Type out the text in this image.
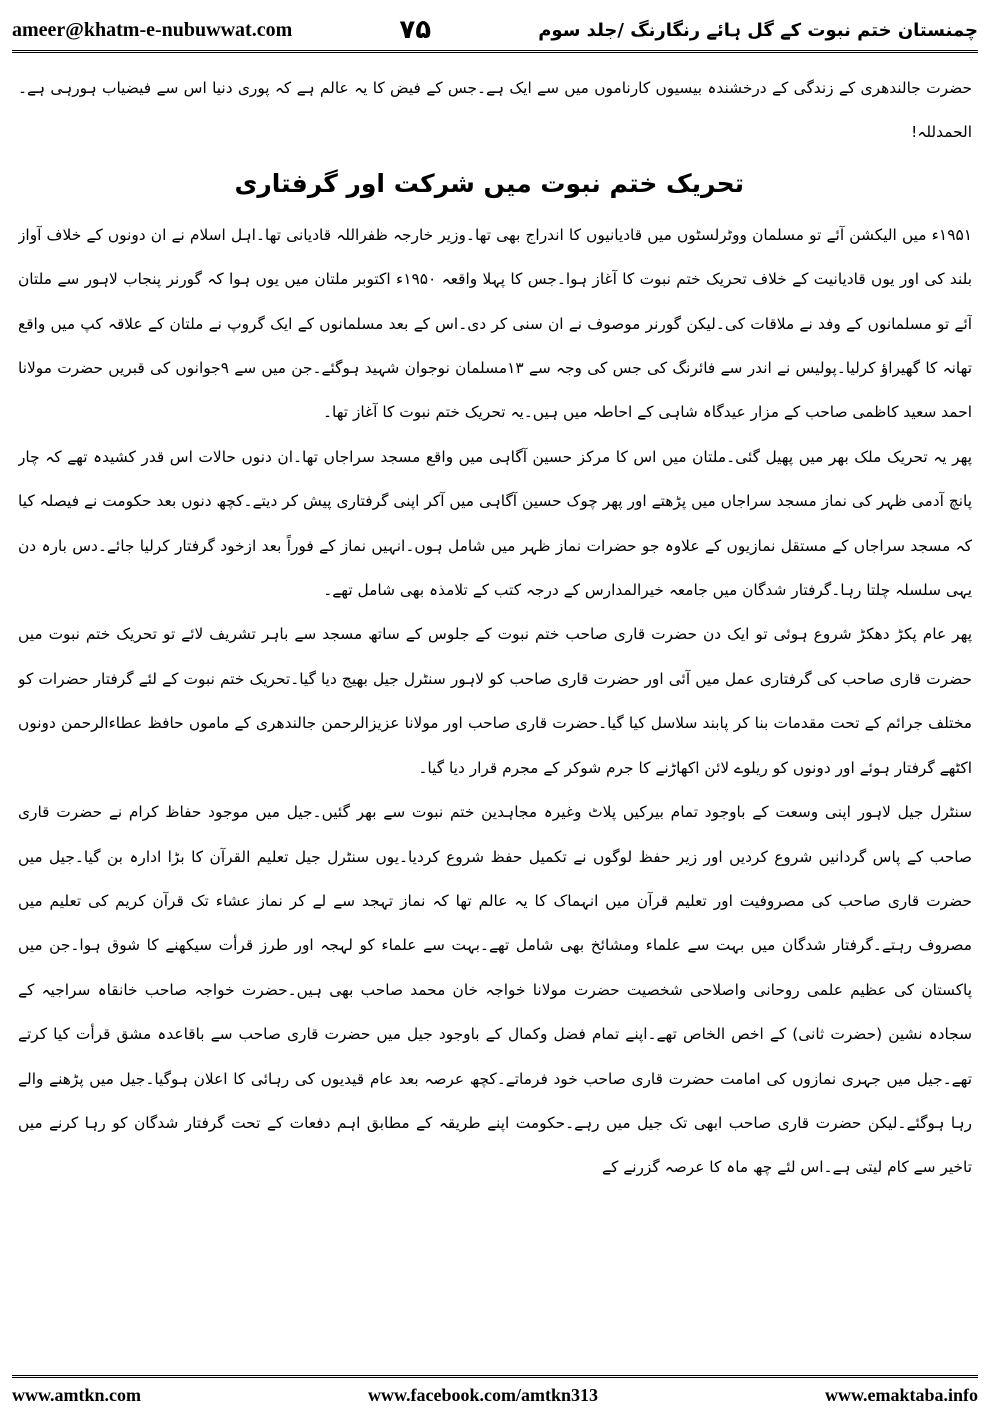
ameer@khatm-e-nubuwwat.com	۷۵	چمنستان ختم نبوت کے گل ہائے رنگارنگ /جلد سوم

حضرت جالندھری کے زندگی کے درخشندہ بیسیوں کارناموں میں سے ایک ہے۔جس کے فیض کا یہ عالم ہے کہ پوری دنیا اس سے فیضیاب ہورہی ہے۔ الحمدللہ!

تحریک ختم نبوت میں شرکت اور گرفتاری

۱۹۵۱ء میں الیکشن آئے تو مسلمان ووٹرلسٹوں میں قادیانیوں کا اندراج بھی تھا۔وزیر خارجہ ظفراللہ قادیانی تھا۔اہل اسلام نے ان دونوں کے خلاف آواز بلند کی اور یوں قادیانیت کے خلاف تحریک ختم نبوت کا آغاز ہوا۔جس کا پہلا واقعہ ۱۹۵۰ء اکتوبر ملتان میں یوں ہوا کہ گورنر پنجاب لاہور سے ملتان آئے تو مسلمانوں کے وفد نے ملاقات کی۔لیکن گورنر موصوف نے ان سنی کر دی۔اس کے بعد مسلمانوں کے ایک گروپ نے ملتان کے علاقہ کپ میں واقع تھانہ کا گھیراؤ کرلیا۔پولیس نے اندر سے فائرنگ کی جس کی وجہ سے ۱۳مسلمان نوجوان شہید ہوگئے۔جن میں سے ۹جوانوں کی قبریں حضرت مولانا احمد سعید کاظمی صاحب کے مزار عیدگاہ شاہی کے احاطہ میں ہیں۔یہ تحریک ختم نبوت کا آغاز تھا۔

پھر یہ تحریک ملک بھر میں پھیل گئی۔ملتان میں اس کا مرکز حسین آگاہی میں واقع مسجد سراجاں تھا۔ان دنوں حالات اس قدر کشیدہ تھے کہ چار پانچ آدمی ظہر کی نماز مسجد سراجاں میں پڑھتے اور پھر چوک حسین آگاہی میں آکر اپنی گرفتاری پیش کر دیتے۔کچھ دنوں بعد حکومت نے فیصلہ کیا کہ مسجد سراجاں کے مستقل نمازیوں کے علاوہ جو حضرات نماز ظہر میں شامل ہوں۔انہیں نماز کے فوراً بعد ازخود گرفتار کرلیا جائے۔دس بارہ دن یہی سلسلہ چلتا رہا۔گرفتار شدگان میں جامعہ خیرالمدارس کے درجہ کتب کے تلامذہ بھی شامل تھے۔

پھر عام پکڑ دھکڑ شروع ہوئی تو ایک دن حضرت قاری صاحب ختم نبوت کے جلوس کے ساتھ مسجد سے باہر تشریف لائے تو تحریک ختم نبوت میں حضرت قاری صاحب کی گرفتاری عمل میں آئی اور حضرت قاری صاحب کو لاہور سنٹرل جیل بھیج دیا گیا۔تحریک ختم نبوت کے لئے گرفتار حضرات کو مختلف جرائم کے تحت مقدمات بنا کر پابند سلاسل کیا گیا۔حضرت قاری صاحب اور مولانا عزیزالرحمن جالندھری کے ماموں حافظ عطاءالرحمن دونوں اکٹھے گرفتار ہوئے اور دونوں کو ریلوے لائن اکھاڑنے کا جرم شوکر کے مجرم قرار دیا گیا۔

سنٹرل جیل لاہور اپنی وسعت کے باوجود تمام بیرکیں پلاٹ وغیرہ مجاہدین ختم نبوت سے بھر گئیں۔جیل میں موجود حفاظ کرام نے حضرت قاری صاحب کے پاس گردانیں شروع کردیں اور زیر حفظ لوگوں نے تکمیل حفظ شروع کردیا۔یوں سنٹرل جیل تعلیم القرآن کا بڑا ادارہ بن گیا۔جیل میں حضرت قاری صاحب کی مصروفیت اور تعلیم قرآن میں انہماک کا یہ عالم تھا کہ نماز تہجد سے لے کر نماز عشاء تک قرآن کریم کی تعلیم میں مصروف رہتے۔گرفتار شدگان میں بہت سے علماء ومشائخ بھی شامل تھے۔بہت سے علماء کو لہجہ اور طرز قرأت سیکھنے کا شوق ہوا۔جن میں پاکستان کی عظیم علمی روحانی واصلاحی شخصیت حضرت مولانا خواجہ خان محمد صاحب بھی ہیں۔حضرت خواجہ صاحب خانقاہ سراجیہ کے سجادہ نشین (حضرت ثانی) کے اخص الخاص تھے۔اپنے تمام فضل وکمال کے باوجود جیل میں حضرت قاری صاحب سے باقاعدہ مشق قرأت کیا کرتے تھے۔جیل میں جہری نمازوں کی امامت حضرت قاری صاحب خود فرماتے۔کچھ عرصہ بعد عام قیدیوں کی رہائی کا اعلان ہوگیا۔جیل میں پڑھنے والے رہا ہوگئے۔لیکن حضرت قاری صاحب ابھی تک جیل میں رہے۔حکومت اپنے طریقہ کے مطابق اہم دفعات کے تحت گرفتار شدگان کو رہا کرنے میں تاخیر سے کام لیتی ہے۔اس لئے چھ ماہ کا عرصہ گزرنے کے

www.amtkn.com	www.facebook.com/amtkn313	www.emaktaba.info
